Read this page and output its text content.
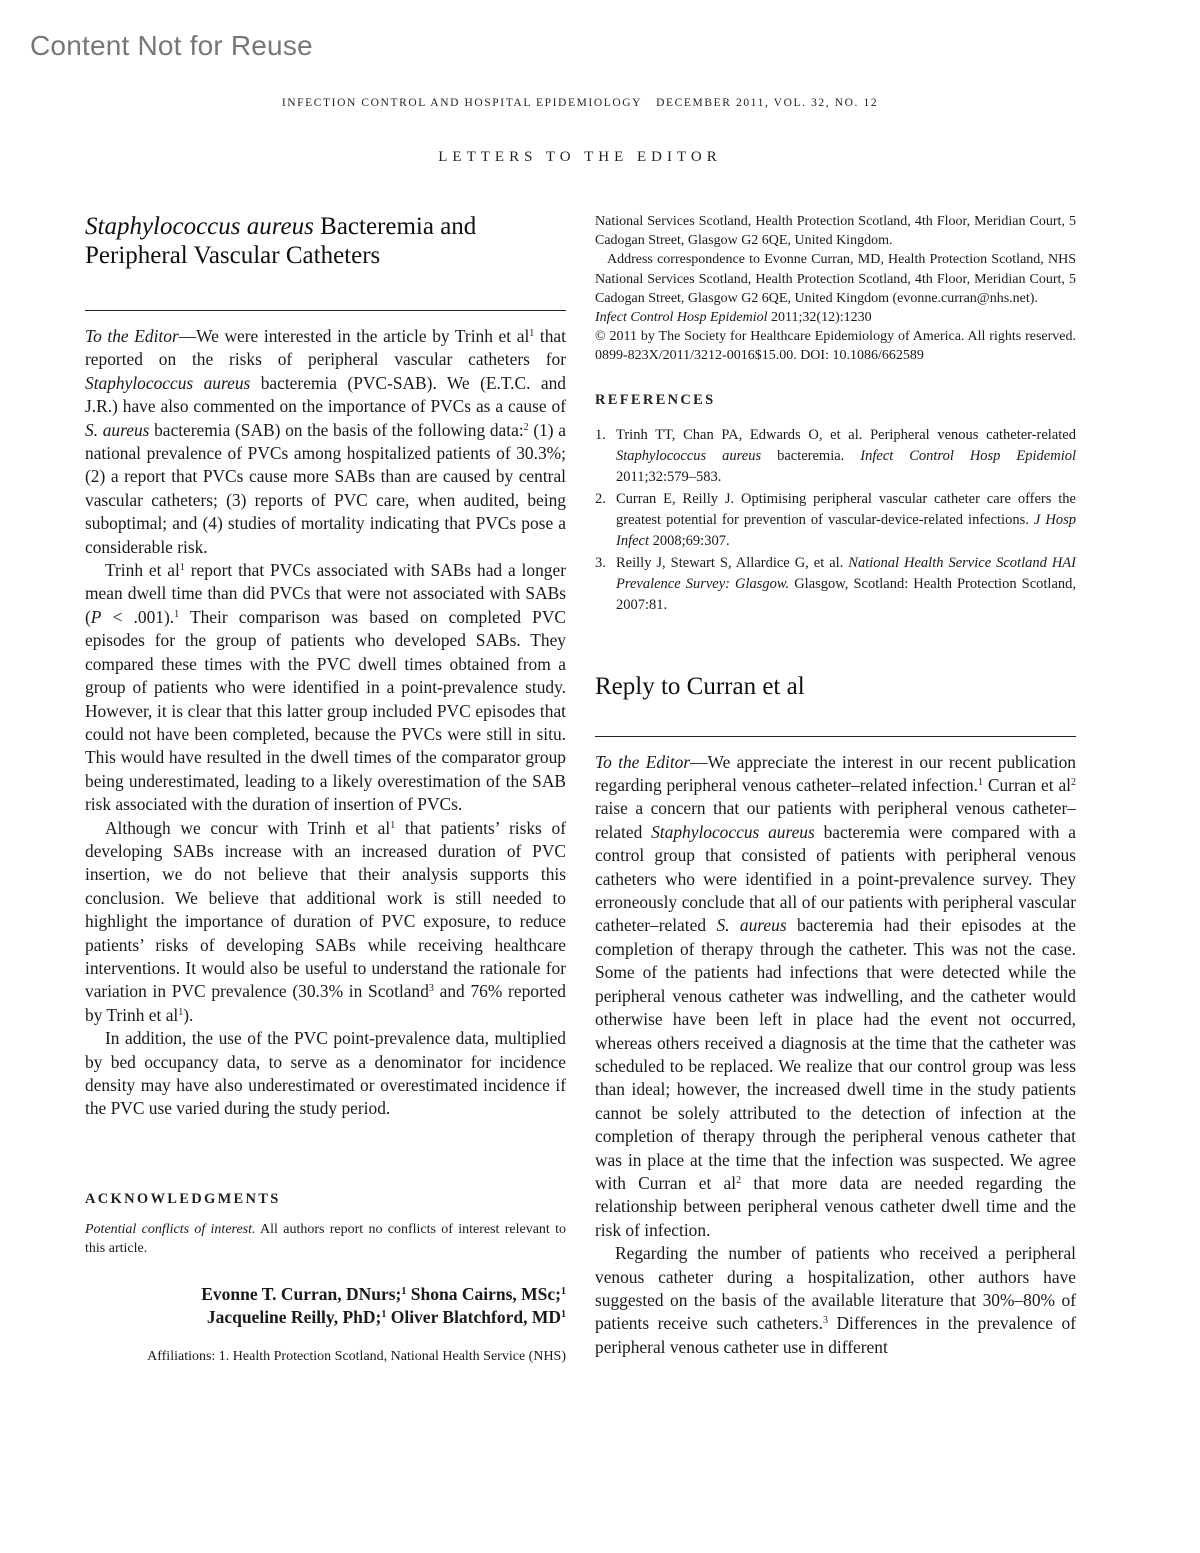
Content Not for Reuse
INFECTION CONTROL AND HOSPITAL EPIDEMIOLOGY DECEMBER 2011, VOL. 32, NO. 12
LETTERS TO THE EDITOR
Staphylococcus aureus Bacteremia and
Peripheral Vascular Catheters

To the Editor—We were interested in the article by Trinh et $al^1$ that reported on the risks of peripheral vascular catheters for Staphylococcus aureus bacteremia (PVC-SAB). We (E.T.C. and J.R.) have also commented on the importance of PVCs as a cause of S. aureus bacteremia (SAB) on the basis of the following data:$^2$ (1) a national prevalence of PVCs among hospitalized patients of 30.3%; (2) a report that PVCs cause more SABs than are caused by central vascular catheters; (3) reports of PVC care, when audited, being suboptimal; and (4) studies of mortality indicating that PVCs pose a considerable risk.

Trinh et $al^1$ report that PVCs associated with SABs had a longer mean dwell time than did PVCs that were not associated with SABs (P < .001).$^1$ Their comparison was based on completed PVC episodes for the group of patients who developed SABs. They compared these times with the PVC dwell times obtained from a group of patients who were identified in a point-prevalence study. However, it is clear that this latter group included PVC episodes that could not have been completed, because the PVCs were still in situ. This would have resulted in the dwell times of the comparator group being underestimated, leading to a likely overestimation of the SAB risk associated with the duration of insertion of PVCs.

Although we concur with Trinh et $al^1$ that patients’ risks of developing SABs increase with an increased duration of PVC insertion, we do not believe that their analysis supports this conclusion. We believe that additional work is still needed to highlight the importance of duration of PVC exposure, to reduce patients’ risks of developing SABs while receiving healthcare interventions. It would also be useful to understand the rationale for variation in PVC prevalence (30.3% in Scotland$^3$ and 76% reported by Trinh et $al^1$).

In addition, the use of the PVC point-prevalence data, multiplied by bed occupancy data, to serve as a denominator for incidence density may have also underestimated or overestimated incidence if the PVC use varied during the study period.

ACKNOWLEDGMENTS

Potential conflicts of interest. All authors report no conflicts of interest relevant to this article.

Evonne T. Curran, DNurs;$^1$ Shona Cairns, MSc;$^1$
Jacqueline Reilly, PhD;$^1$ Oliver Blatchford, $MD^1$

Affiliations: 1. Health Protection Scotland, National Health Service (NHS)

National Services Scotland, Health Protection Scotland, 4th Floor, Meridian Court, 5 Cadogan Street, Glasgow G2 6QE, United Kingdom.

Address correspondence to Evonne Curran, MD, Health Protection Scotland, NHS National Services Scotland, Health Protection Scotland, 4th Floor, Meridian Court, 5 Cadogan Street, Glasgow G2 6QE, United Kingdom (evonne.curran@nhs.net).

Infect Control Hosp Epidemiol 2011;32(12):1230

© 2011 by The Society for Healthcare Epidemiology of America. All rights reserved. 0899-823X/2011/3212-0016$15.00. DOI: 10.1086/662589

REFERENCES
1. Trinh TT, Chan PA, Edwards O, et al. Peripheral venous catheter-related Staphylococcus aureus bacteremia. Infect Control Hosp Epidemiol 2011;32:579–583.
2. Curran E, Reilly J. Optimising peripheral vascular catheter care offers the greatest potential for prevention of vascular-device-related infections. J Hosp Infect 2008;69:307.
3. Reilly J, Stewart S, Allardice G, et al. National Health Service Scotland HAI Prevalence Survey: Glasgow. Glasgow, Scotland: Health Protection Scotland, 2007:81.
Reply to Curran et al

To the Editor—We appreciate the interest in our recent publication regarding peripheral venous catheter–related infection.$^1$ Curran et $al^2$ raise a concern that our patients with peripheral venous catheter–related Staphylococcus aureus bacteremia were compared with a control group that consisted of patients with peripheral venous catheters who were identified in a point-prevalence survey. They erroneously conclude that all of our patients with peripheral vascular catheter–related S. aureus bacteremia had their episodes at the completion of therapy through the catheter. This was not the case. Some of the patients had infections that were detected while the peripheral venous catheter was indwelling, and the catheter would otherwise have been left in place had the event not occurred, whereas others received a diagnosis at the time that the catheter was scheduled to be replaced. We realize that our control group was less than ideal; however, the increased dwell time in the study patients cannot be solely attributed to the detection of infection at the completion of therapy through the peripheral venous catheter that was in place at the time that the infection was suspected. We agree with Curran et $al^2$ that more data are needed regarding the relationship between peripheral venous catheter dwell time and the risk of infection.

Regarding the number of patients who received a peripheral venous catheter during a hospitalization, other authors have suggested on the basis of the available literature that 30%–80% of patients receive such catheters.$^3$ Differences in the prevalence of peripheral venous catheter use in different
